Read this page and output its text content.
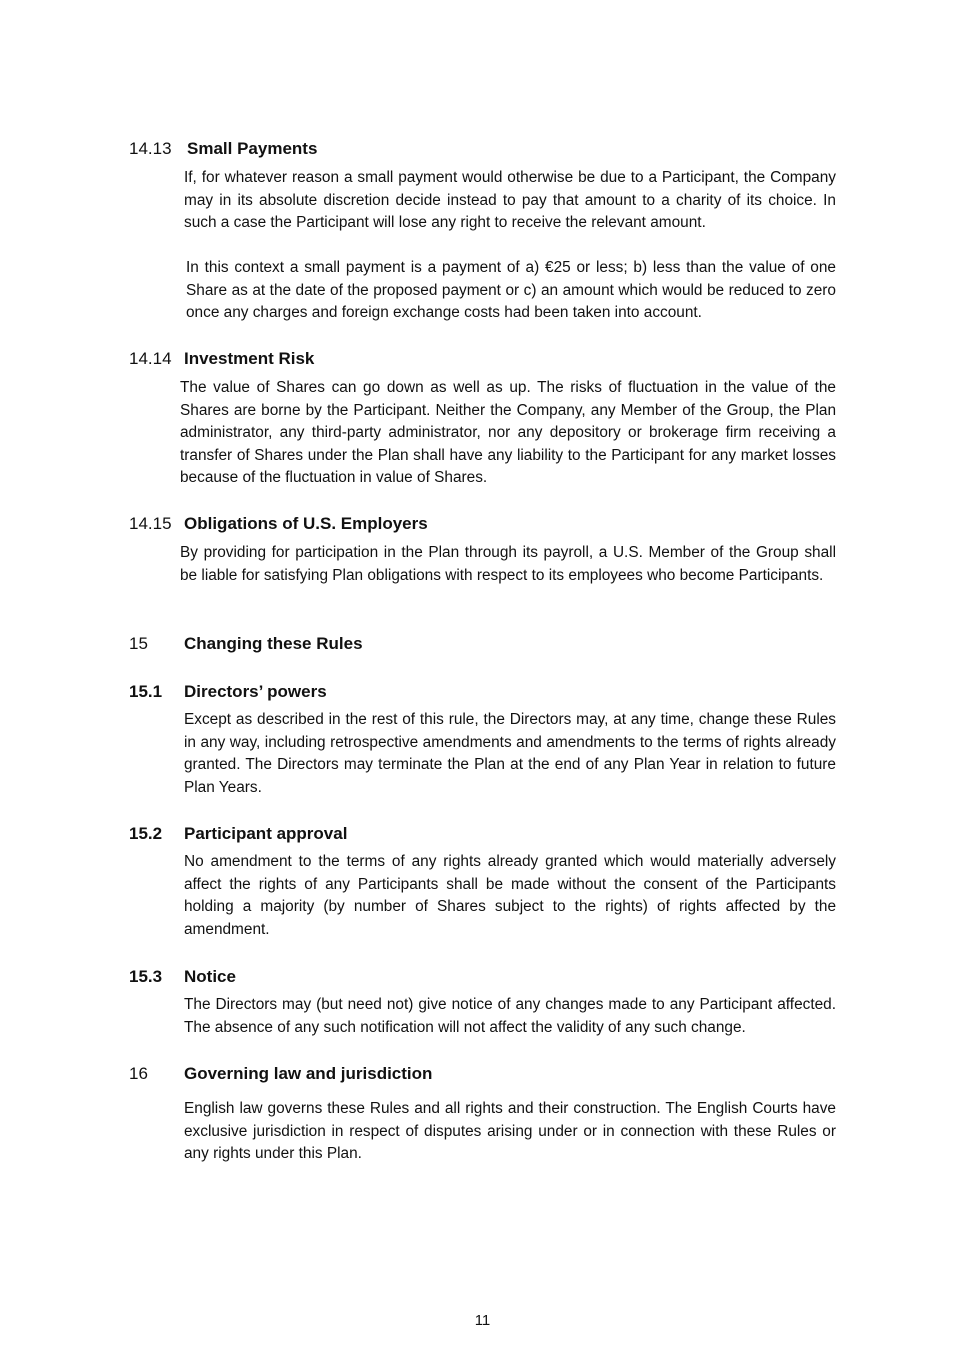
14.13 Small Payments

If, for whatever reason a small payment would otherwise be due to a Participant, the Company may in its absolute discretion decide instead to pay that amount to a charity of its choice. In such a case the Participant will lose any right to receive the relevant amount.

In this context a small payment is a payment of a) €25 or less; b) less than the value of one Share as at the date of the proposed payment or c) an amount which would be reduced to zero once any charges and foreign exchange costs had been taken into account.

14.14 Investment Risk

The value of Shares can go down as well as up. The risks of fluctuation in the value of the Shares are borne by the Participant. Neither the Company, any Member of the Group, the Plan administrator, any third-party administrator, nor any depository or brokerage firm receiving a transfer of Shares under the Plan shall have any liability to the Participant for any market losses because of the fluctuation in value of Shares.

14.15 Obligations of U.S. Employers

By providing for participation in the Plan through its payroll, a U.S. Member of the Group shall be liable for satisfying Plan obligations with respect to its employees who become Participants.

15 Changing these Rules
15.1 Directors’ powers

Except as described in the rest of this rule, the Directors may, at any time, change these Rules in any way, including retrospective amendments and amendments to the terms of rights already granted. The Directors may terminate the Plan at the end of any Plan Year in relation to future Plan Years.

15.2 Participant approval

No amendment to the terms of any rights already granted which would materially adversely affect the rights of any Participants shall be made without the consent of the Participants holding a majority (by number of Shares subject to the rights) of rights affected by the amendment.

15.3 Notice

The Directors may (but need not) give notice of any changes made to any Participant affected. The absence of any such notification will not affect the validity of any such change.

16 Governing law and jurisdiction

English law governs these Rules and all rights and their construction. The English Courts have exclusive jurisdiction in respect of disputes arising under or in connection with these Rules or any rights under this Plan.

11
